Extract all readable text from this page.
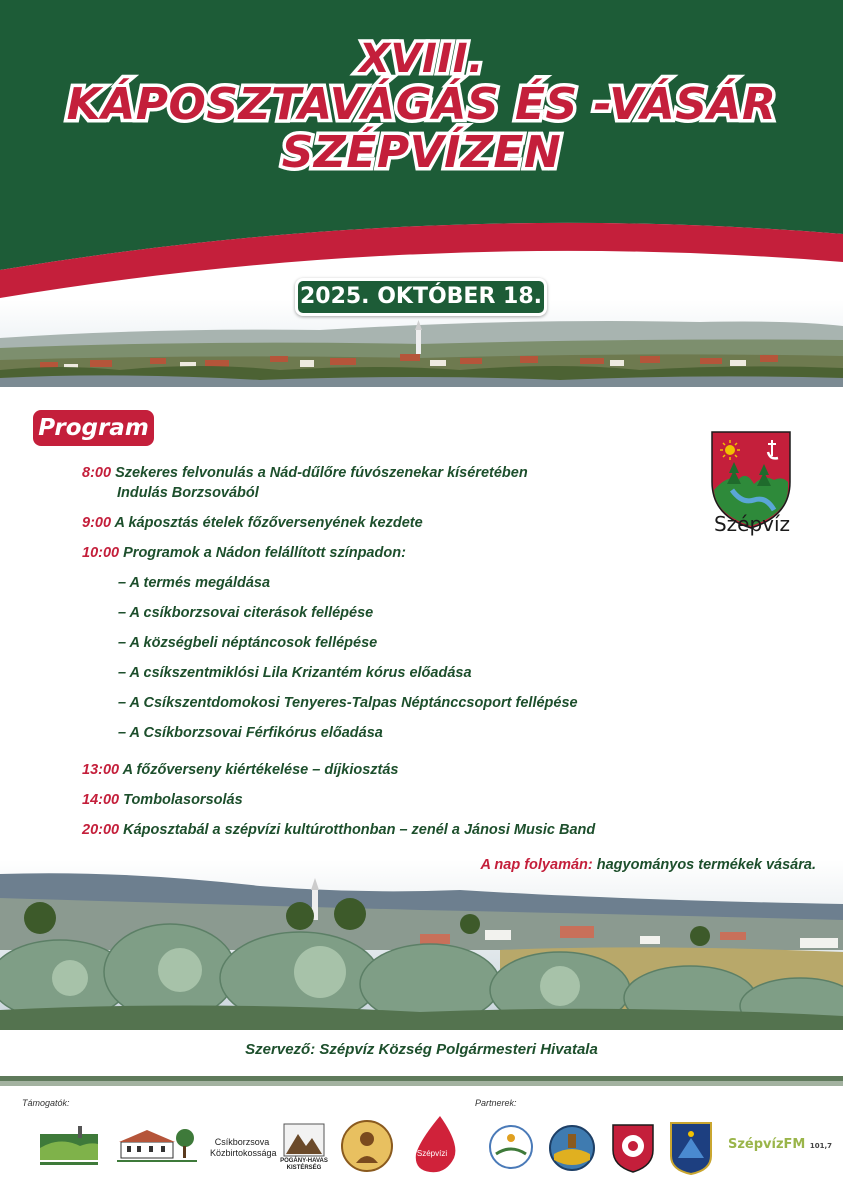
XVIII.
KÁPOSZTAVÁGÁS ÉS -VÁSÁR
SZÉPVÍZEN
2025. OKTÓBER 18.
Program
8:00 Szekeres felvonulás a Nád-dűlőre fúvószenekar kíséretében
Indulás Borzsovából
9:00 A káposztás ételek főzőversenyének kezdete
10:00 Programok a Nádon felállított színpadon:
– A termés megáldása
– A csíkborzsovai citerások fellépése
– A községbeli néptáncosok fellépése
– A csíkszentmiklósi Lila Krizantém kórus előadása
– A Csíkszentdomokosi Tenyeres-Talpas Néptánccsoport fellépése
– A Csíkborzsovai Férfikórus előadása
13:00 A főzőverseny kiértékelése – díjkiosztás
14:00 Tombolasorsolás
20:00 Káposztabál a szépvízi kultúrotthonban – zenél a Jánosi Music Band
Szépvíz
A nap folyamán: hagyományos termékek vására.
Szervező: Szépvíz Község Polgármesteri Hivatala
Támogatók:	Partnerek:
Csíkborzsova Közbirtokossága
POGÁNY-HAVAS KISTÉRSÉG
Szépvízi
SzépvízFM 101,7
